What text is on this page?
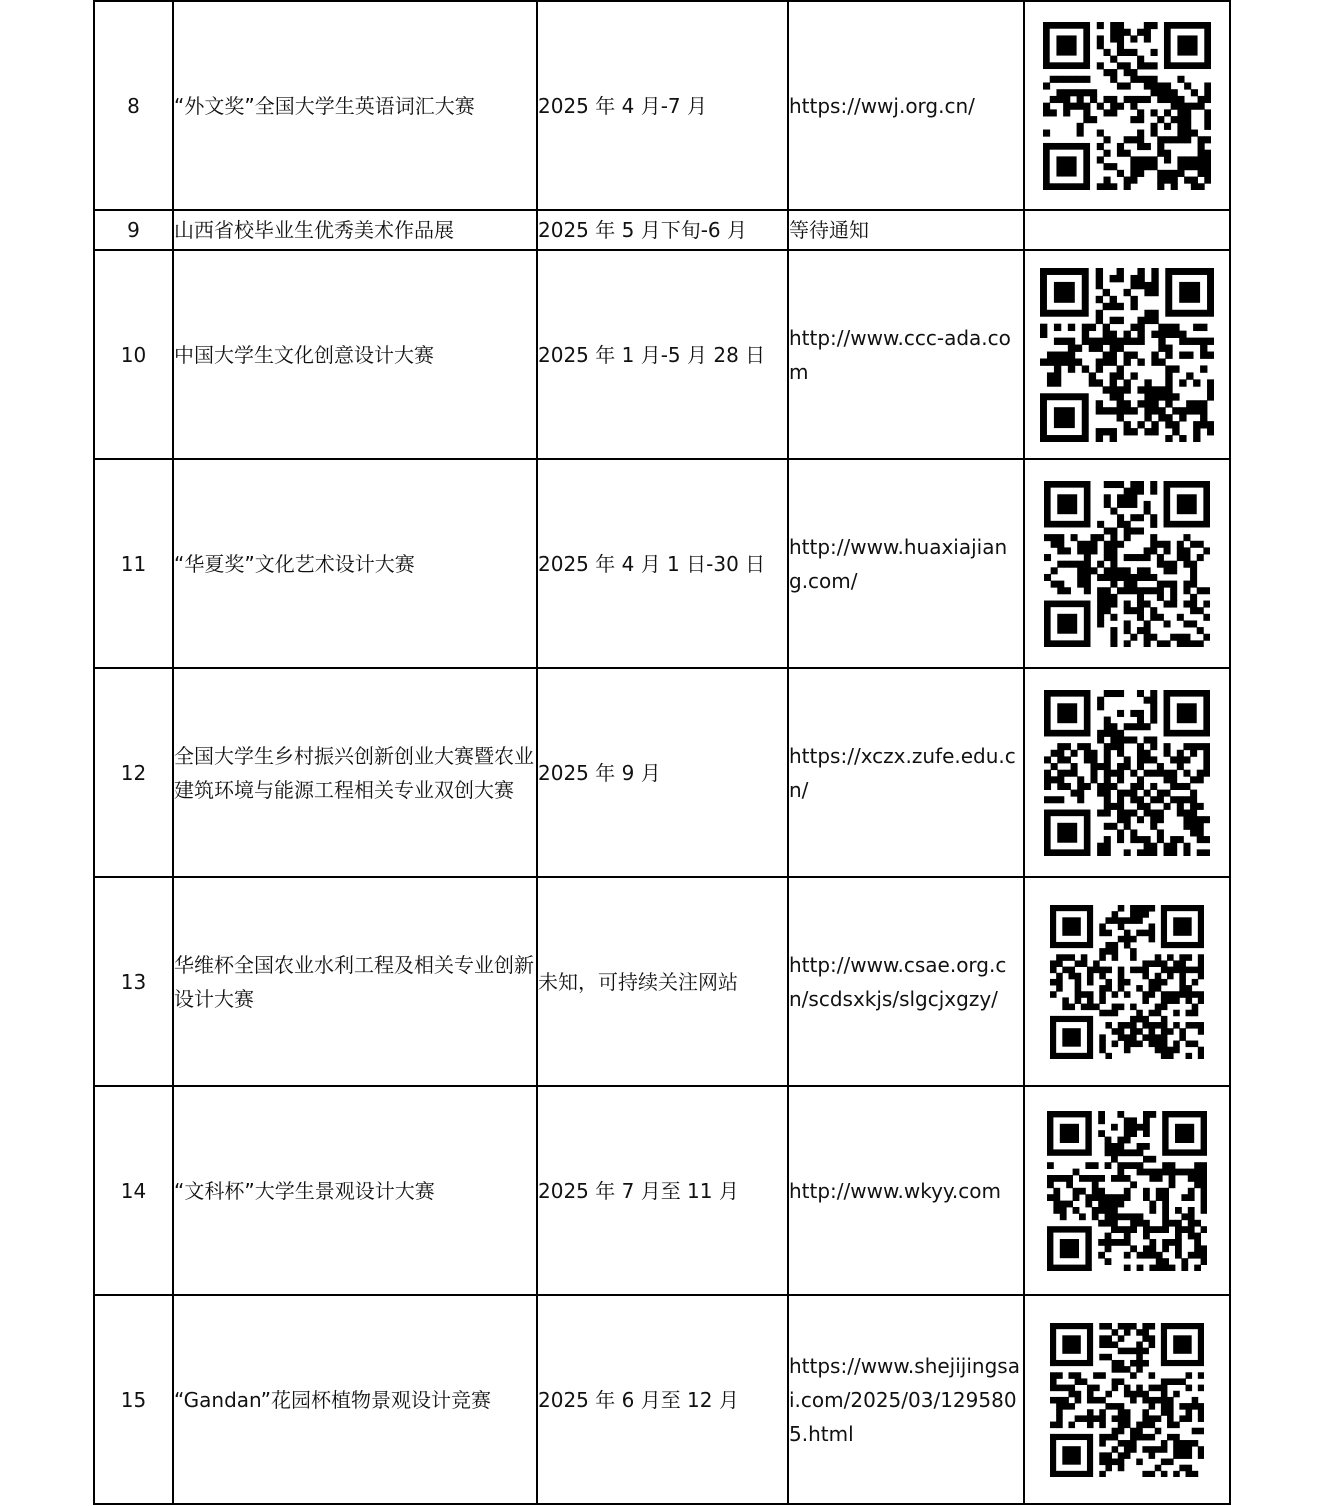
8	“外文奖”全国大学生英语词汇大赛	2025 年 4 月-7 月	https://wwj.org.cn/	

9	山西省校毕业生优秀美术作品展	2025 年 5 月下旬-6 月	等待通知	
10	中国大学生文化创意设计大赛	2025 年 1 月-5 月 28 日	http://www.ccc-ada.com	

11	“华夏奖”文化艺术设计大赛	2025 年 4 月 1 日-30 日	http://www.huaxiajiang.com/	

12	全国大学生乡村振兴创新创业大赛暨农业建筑环境与能源工程相关专业双创大赛	2025 年 9 月	https://xczx.zufe.edu.cn/	

13	华维杯全国农业水利工程及相关专业创新设计大赛	未知，可持续关注网站	http://www.csae.org.cn/scdsxkjs/slgcjxgzy/	

14	“文科杯”大学生景观设计大赛	2025 年 7 月至 11 月	http://www.wkyy.com	

15	“Gandan”花园杯植物景观设计竞赛	2025 年 6 月至 12 月	https://www.shejijingsai.com/2025/03/1295805.html	
